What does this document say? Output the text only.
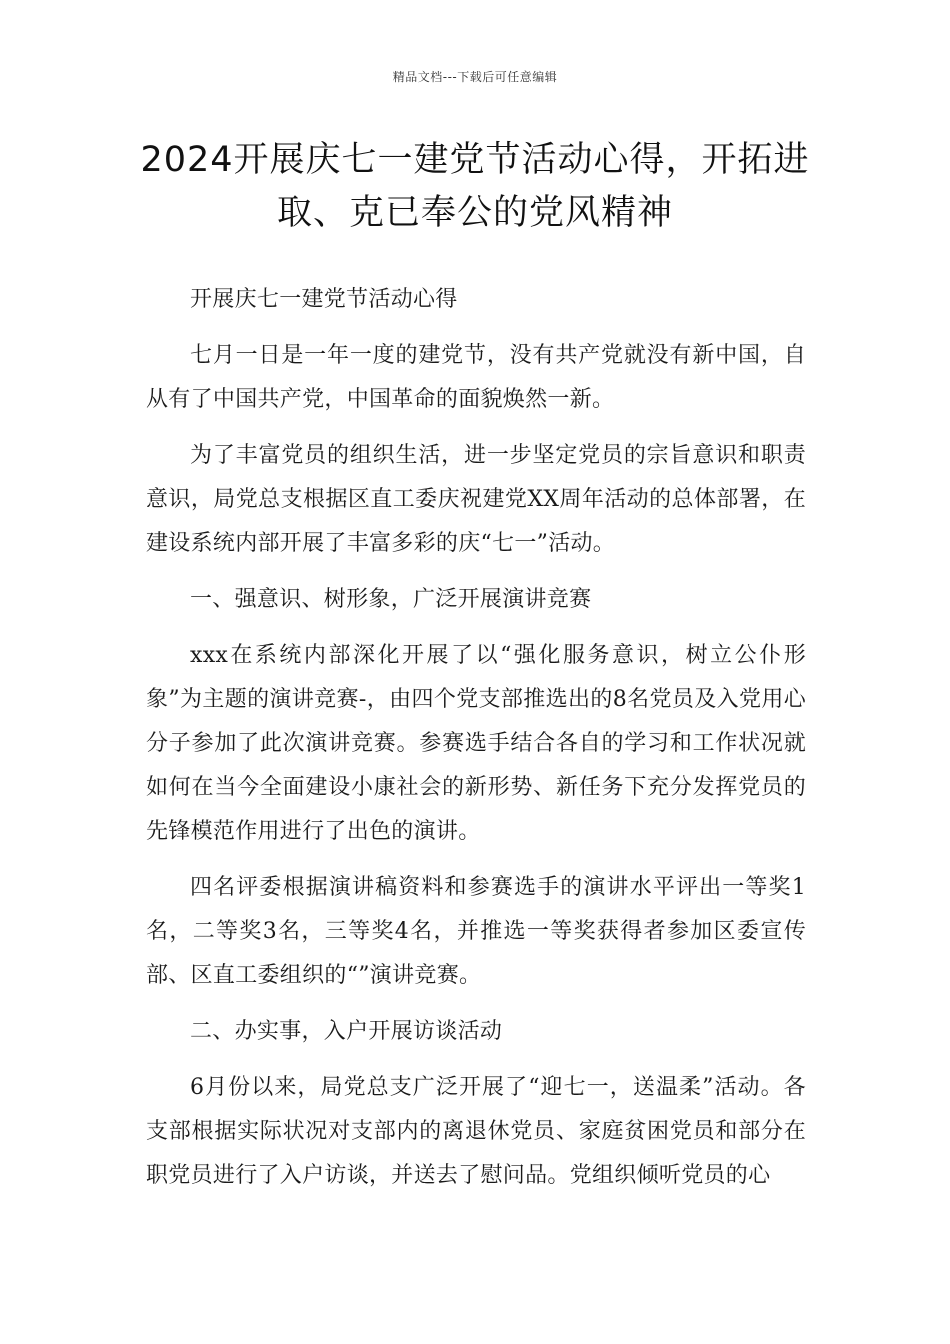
精品文档---下载后可任意编辑
2024开展庆七一建党节活动心得，开拓进取、克已奉公的党风精神

开展庆七一建党节活动心得

七月一日是一年一度的建党节，没有共产党就没有新中国，自从有了中国共产党，中国革命的面貌焕然一新。

为了丰富党员的组织生活，进一步坚定党员的宗旨意识和职责意识，局党总支根据区直工委庆祝建党XX周年活动的总体部署，在建设系统内部开展了丰富多彩的庆“七一”活动。

一、强意识、树形象，广泛开展演讲竞赛

xxx在系统内部深化开展了以“强化服务意识，树立公仆形象”为主题的演讲竞赛-，由四个党支部推选出的8名党员及入党用心分子参加了此次演讲竞赛。参赛选手结合各自的学习和工作状况就如何在当今全面建设小康社会的新形势、新任务下充分发挥党员的先锋模范作用进行了出色的演讲。

四名评委根据演讲稿资料和参赛选手的演讲水平评出一等奖1名，二等奖3名，三等奖4名，并推选一等奖获得者参加区委宣传部、区直工委组织的“”演讲竞赛。

二、办实事，入户开展访谈活动

6月份以来，局党总支广泛开展了“迎七一，送温柔”活动。各支部根据实际状况对支部内的离退休党员、家庭贫困党员和部分在职党员进行了入户访谈，并送去了慰问品。党组织倾听党员的心
